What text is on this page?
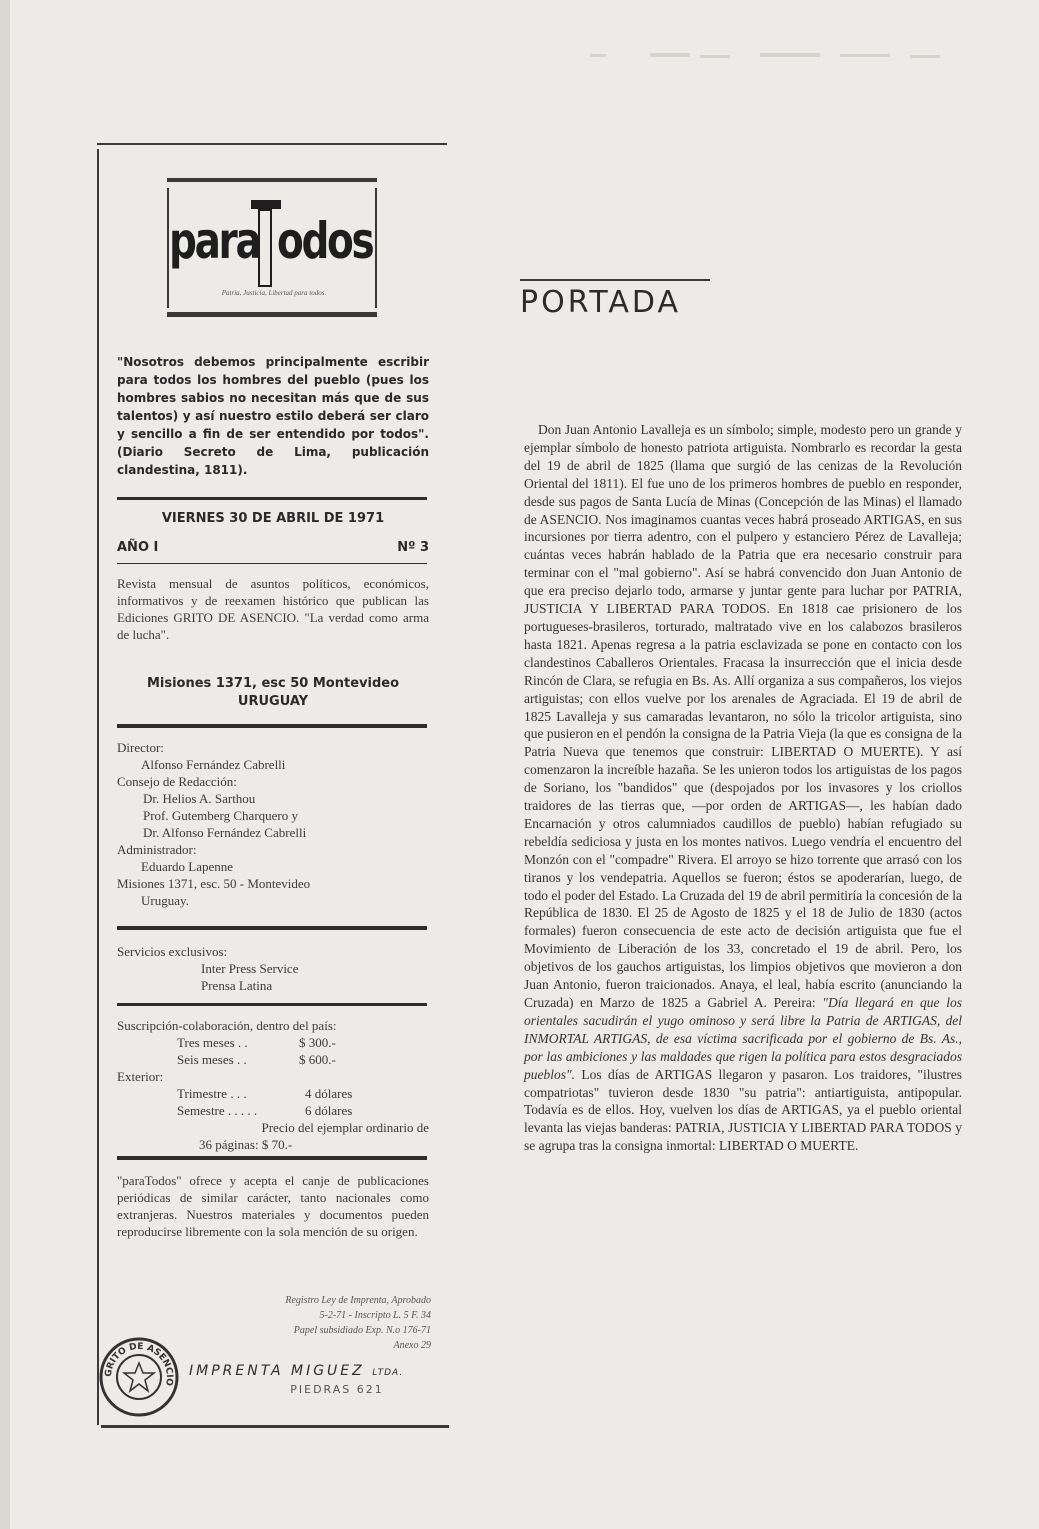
para odos
Patria, Justicia, Libertad para todos.
"Nosotros debemos principalmente escribir para todos los hombres del pueblo (pues los hombres sabios no necesitan más que de sus talentos) y así nuestro estilo deberá ser claro y sencillo a fin de ser entendido por todos". (Diario Secreto de Lima, publicación clandestina, 1811).
VIERNES 30 DE ABRIL DE 1971
AÑO I	Nº 3
Revista mensual de asuntos políticos, económicos, informativos y de reexamen histórico que publican las Ediciones GRITO DE ASENCIO. "La verdad como arma de lucha".
Misiones 1371, esc 50 Montevideo
URUGUAY
Director:
Alfonso Fernández Cabrelli
Consejo de Redacción:
Dr. Helios A. Sarthou
Prof. Gutemberg Charquero y
Dr. Alfonso Fernández Cabrelli
Administrador:
Eduardo Lapenne
Misiones 1371, esc. 50 - Montevideo
Uruguay.
Servicios exclusivos:
Inter Press Service
Prensa Latina
Suscripción-colaboración, dentro del país:
Tres meses . .	$ 300.-
Seis meses . .	$ 600.-
Exterior:
Trimestre . . .	4 dólares
Semestre . . . . .	6 dólares
Precio del ejemplar ordinario de
36 páginas: $ 70.-
"paraTodos" ofrece y acepta el canje de publicaciones periódicas de similar carácter, tanto nacionales como extranjeras. Nuestros materiales y documentos pueden reproducirse libremente con la sola mención de su origen.
Registro Ley de Imprenta, Aprobado
5-2-71 - Inscripto L. 5 F. 34
Papel subsidiado Exp. N.o 176-71
Anexo 29
GRITO DE ASENCIO
IMPRENTA MIGUEZ LTDA.
PIEDRAS 621
PORTADA

Don Juan Antonio Lavalleja es un símbolo; simple, modesto pero un grande y ejemplar símbolo de honesto patriota artiguista. Nombrarlo es recordar la gesta del 19 de abril de 1825 (llama que surgió de las cenizas de la Revolución Oriental del 1811). El fue uno de los primeros hombres de pueblo en responder, desde sus pagos de Santa Lucía de Minas (Concepción de las Minas) el llamado de ASENCIO. Nos imaginamos cuantas veces habrá proseado ARTIGAS, en sus incursiones por tierra adentro, con el pulpero y estanciero Pérez de Lavalleja; cuántas veces habrán hablado de la Patria que era necesario construir para terminar con el "mal gobierno". Así se habrá convencido don Juan Antonio de que era preciso dejarlo todo, armarse y juntar gente para luchar por PATRIA, JUSTICIA Y LIBERTAD PARA TODOS. En 1818 cae prisionero de los portugueses-brasileros, torturado, maltratado vive en los calabozos brasileros hasta 1821. Apenas regresa a la patria esclavizada se pone en contacto con los clandestinos Caballeros Orientales. Fracasa la insurrección que el inicia desde Rincón de Clara, se refugia en Bs. As. Allí organiza a sus compañeros, los viejos artiguistas; con ellos vuelve por los arenales de Agraciada. El 19 de abril de 1825 Lavalleja y sus camaradas levantaron, no sólo la tricolor artiguista, sino que pusieron en el pendón la consigna de la Patria Vieja (la que es consigna de la Patria Nueva que tenemos que construir: LIBERTAD O MUERTE). Y así comenzaron la increíble hazaña. Se les unieron todos los artiguistas de los pagos de Soriano, los "bandidos" que (despojados por los invasores y los criollos traidores de las tierras que, —por orden de ARTIGAS—, les habían dado Encarnación y otros calumniados caudillos de pueblo) habían refugiado su rebeldía sediciosa y justa en los montes nativos. Luego vendría el encuentro del Monzón con el "compadre" Rivera. El arroyo se hizo torrente que arrasó con los tiranos y los vendepatria. Aquellos se fueron; éstos se apoderarían, luego, de todo el poder del Estado. La Cruzada del 19 de abril permitiría la concesión de la República de 1830. El 25 de Agosto de 1825 y el 18 de Julio de 1830 (actos formales) fueron consecuencia de este acto de decisión artiguista que fue el Movimiento de Liberación de los 33, concretado el 19 de abril. Pero, los objetivos de los gauchos artiguistas, los limpios objetivos que movieron a don Juan Antonio, fueron traicionados. Anaya, el leal, había escrito (anunciando la Cruzada) en Marzo de 1825 a Gabriel A. Pereira: "Día llegará en que los orientales sacudirán el yugo ominoso y será libre la Patria de ARTIGAS, del INMORTAL ARTIGAS, de esa víctima sacrificada por el gobierno de Bs. As., por las ambiciones y las maldades que rigen la política para estos desgraciados pueblos". Los días de ARTIGAS llegaron y pasaron. Los traidores, "ilustres compatriotas" tuvieron desde 1830 "su patria": antiartiguista, antipopular. Todavía es de ellos. Hoy, vuelven los días de ARTIGAS, ya el pueblo oriental levanta las viejas banderas: PATRIA, JUSTICIA Y LIBERTAD PARA TODOS y se agrupa tras la consigna inmortal: LIBERTAD O MUERTE.
